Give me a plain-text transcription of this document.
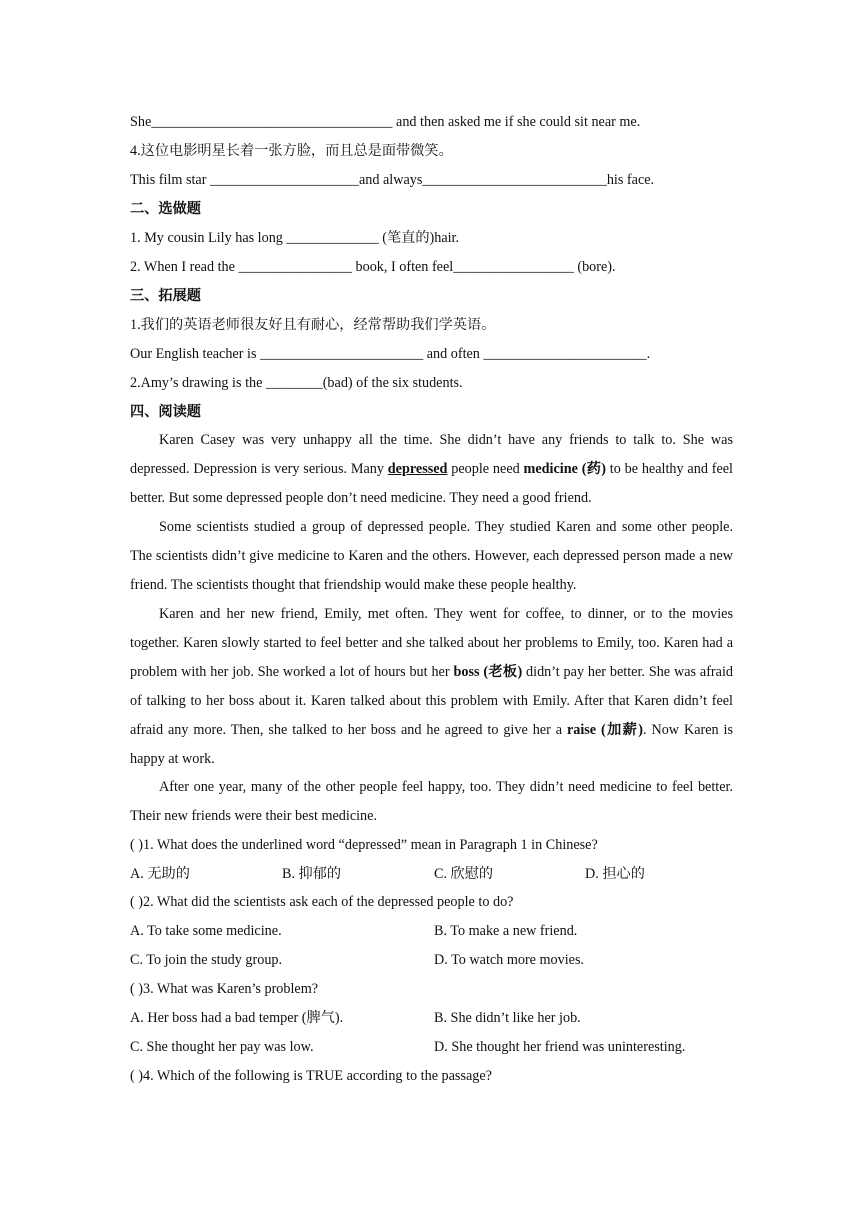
She__________________________________ and then asked me if she could sit near me.
4.这位电影明星长着一张方脸，而且总是面带微笑。
This film star _____________________and always__________________________his face.
二、选做题
1. My cousin Lily has long _____________ (笔直的)hair.
2. When I read the ________________ book, I often feel_________________ (bore).
三、拓展题
1.我们的英语老师很友好且有耐心，经常帮助我们学英语。
Our English teacher is _______________________ and often _______________________.
2.Amy’s drawing is the ________(bad) of the six students.
四、阅读题
Karen Casey was very unhappy all the time. She didn’t have any friends to talk to. She was depressed. Depression is very serious. Many depressed people need medicine (药) to be healthy and feel better. But some depressed people don’t need medicine. They need a good friend.
Some scientists studied a group of depressed people. They studied Karen and some other people. The scientists didn’t give medicine to Karen and the others. However, each depressed person made a new friend. The scientists thought that friendship would make these people healthy.
Karen and her new friend, Emily, met often. They went for coffee, to dinner, or to the movies together. Karen slowly started to feel better and she talked about her problems to Emily, too. Karen had a problem with her job. She worked a lot of hours but her boss (老板) didn’t pay her better. She was afraid of talking to her boss about it. Karen talked about this problem with Emily. After that Karen didn’t feel afraid any more. Then, she talked to her boss and he agreed to give her a raise (加薪). Now Karen is happy at work.
After one year, many of the other people feel happy, too. They didn’t need medicine to feel better. Their new friends were their best medicine.
( )1. What does the underlined word “depressed” mean in Paragraph 1 in Chinese?
A. 无助的	B. 抑郁的	C. 欣慰的	D. 担心的
( )2. What did the scientists ask each of the depressed people to do?
A. To take some medicine.	B. To make a new friend.
C. To join the study group.	D. To watch more movies.
( )3. What was Karen’s problem?
A. Her boss had a bad temper (脾气).	B. She didn’t like her job.
C. She thought her pay was low.	D. She thought her friend was uninteresting.
( )4. Which of the following is TRUE according to the passage?
